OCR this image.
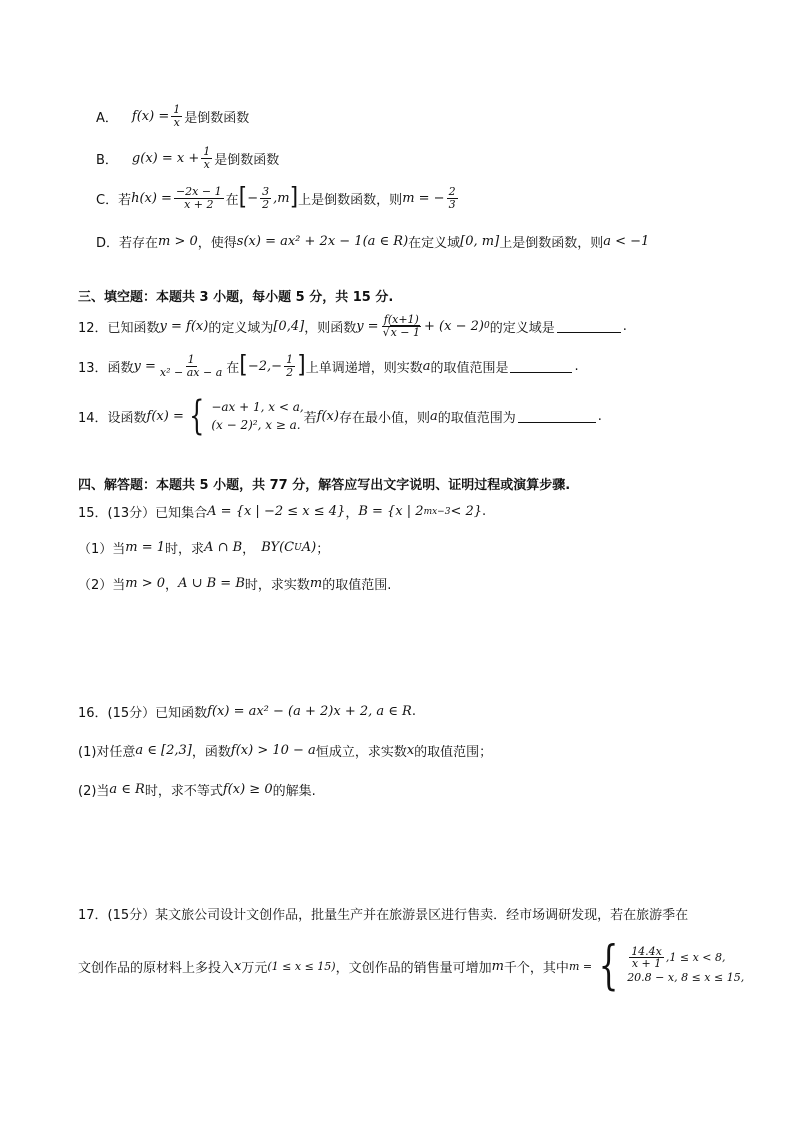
A． $f(x) = \frac{1}{x}$ 是倒数函数
B． $g(x) = x + \frac{1}{x}$ 是倒数函数
C．若 $h(x) = \frac{-2x - 1}{x + 2}$ 在 [ − $\frac{3}{2} ,m$ ] 上是倒数函数，则 m = − $\frac{2}{3}$
D．若存在 m > 0 ，使得 s(x) = ax² + 2x − 1(a ∈ R) 在定义域 [0, m] 上是倒数函数，则 a < −1
三、填空题：本题共 3 小题，每小题 5 分，共 15 分.
12．已知函数 y = f(x) 的定义域为 [0,4] ，则函数 $y = \frac{f(x+1)}{√x - 1} + (x - 2)$ 0 的定义域是	.
13．函数 $y = \frac{1}{\text{x² − ax − a}}$ 在 [ $-2,- \frac{1}{2}$ ] 上单调递增，则实数 a 的取值范围是	.
14．设函数 f(x) = { −ax + 1, x < a,
(x − 2)², x ≥ a. 若 f(x) 存在最小值，则 a 的取值范围为	.
四、解答题：本题共 5 小题，共 77 分，解答应写出文字说明、证明过程或演算步骤.
15．(13分）已知集合 A = {x | −2 ≤ x ≤ 4} ， B = {x | 2 mx−3 < 2} .
（1）当 m = 1 时，求 A ∩ B ， BY(C U A) ；
（2）当 m > 0 ， A ∪ B = B 时，求实数 m 的取值范围.
16．(15分）已知函数 f(x) = ax² − (a + 2)x + 2, a ∈ R .
(1)对任意 a ∈ [2,3] ，函数 f(x) > 10 − a 恒成立，求实数 x 的取值范围；
(2)当 a ∈ R 时，求不等式 f(x) ≥ 0 的解集.
17．(15分）某文旅公司设计文创作品，批量生产并在旅游景区进行售卖．经市场调研发现，若在旅游季在
文创作品的原材料上多投入 x 万元 (1 ≤ x ≤ 15) ，文创作品的销售量可增加 m 千个，其中 m = { $\frac{14.4x}{x + 1} ,1 \le x < 8$,
20.8 − x, 8 ≤ x ≤ 15,
